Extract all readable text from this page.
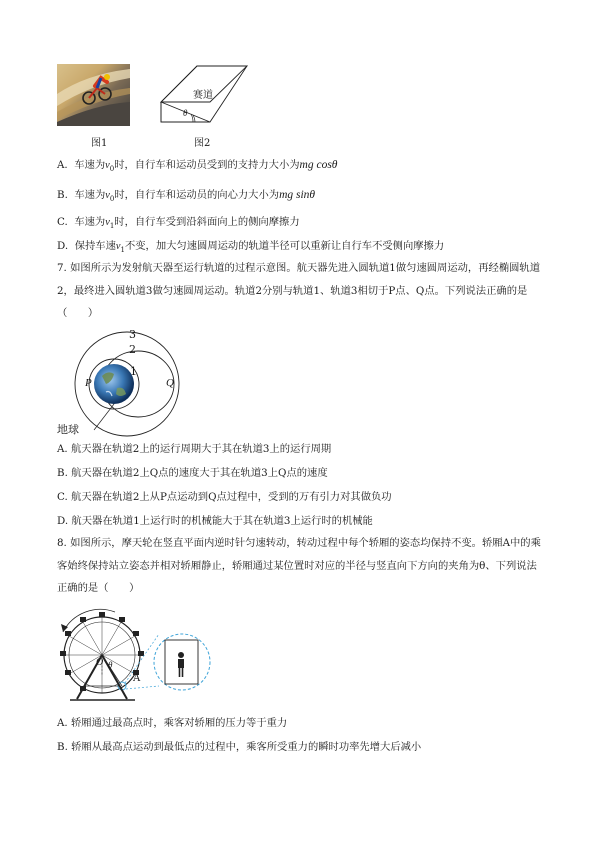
图1
赛道
θ
图2
A. 车速为$v_0$时，自行车和运动员受到的支持力大小为mg cosθ
B. 车速为$v_0$时，自行车和运动员的向心力大小为mg sinθ
C. 车速为$v_1$时，自行车受到沿斜面向上的侧向摩擦力
D. 保持车速$v_1$不变，加大匀速圆周运动的轨道半径可以重新让自行车不受侧向摩擦力
7. 如图所示为发射航天器至运行轨道的过程示意图。航天器先进入圆轨道1做匀速圆周运动，再经椭圆轨道2，最终进入圆轨道3做匀速圆周运动。轨道2分别与轨道1、轨道3相切于P点、Q点。下列说法正确的是（　　）
3
2
1
P	Q
地球
A. 航天器在轨道2上的运行周期大于其在轨道3上的运行周期
B. 航天器在轨道2上Q点的速度大于其在轨道3上Q点的速度
C. 航天器在轨道2上从P点运动到Q点过程中，受到的万有引力对其做负功
D. 航天器在轨道1上运行时的机械能大于其在轨道3上运行时的机械能
8. 如图所示，摩天轮在竖直平面内逆时针匀速转动，转动过程中每个轿厢的姿态均保持不变。轿厢A中的乘客始终保持站立姿态并相对轿厢静止，轿厢通过某位置时对应的半径与竖直向下方向的夹角为θ、下列说法正确的是（　　）
O θ
A
A. 轿厢通过最高点时，乘客对轿厢的压力等于重力
B. 轿厢从最高点运动到最低点的过程中，乘客所受重力的瞬时功率先增大后减小
